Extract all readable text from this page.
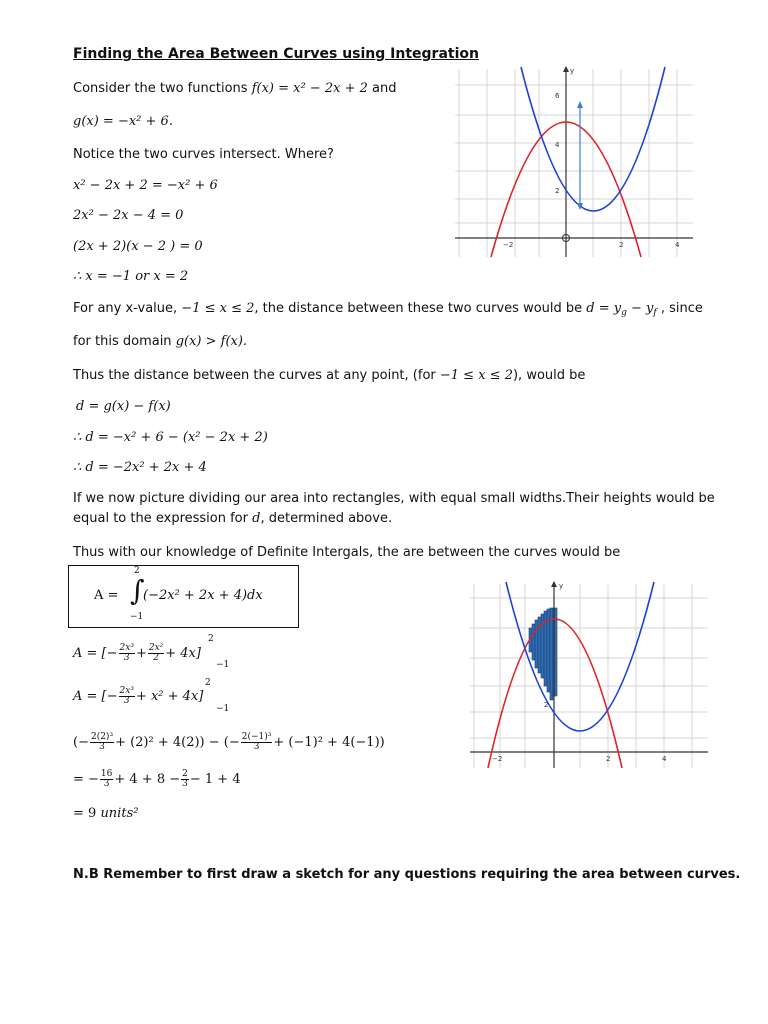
Finding the Area Between Curves using Integration
Consider the two functions f(x) = x² − 2x + 2 and
g(x) = −x² + 6.
Notice the two curves intersect. Where?
x² − 2x + 2 = −x² + 6
2x² − 2x − 4 = 0
(2x + 2)(x − 2 ) = 0
∴ x = −1 or x = 2
For any x-value, −1 ≤ x ≤ 2, the distance between these two curves would be $d = y_g - y_f$ , since
for this domain g(x) > f(x).
Thus the distance between the curves at any point, (for −1 ≤ x ≤ 2), would be
d = g(x) − f(x)
∴ d = −x² + 6 − (x² − 2x + 2)
∴ d = −2x² + 2x + 4
If we now picture dividing our area into rectangles, with equal small widths.Their heights would be
equal to the expression for d, determined above.
Thus with our knowledge of Definite Intergals, the are between the curves would be
A =
2
∫
−1
(−2x² + 2x + 4)dx
A = [− $\frac{\text{2x³}}{3} + \frac{\text{2x²}}{2} + 4x$]
2
−1
A = [− $\frac{\text{2x³}}{3} + x^2 + 4x$]
2
−1
(− $\frac{\text{2(2)³}}{3} + (2)^2 + 4(2)$) − (− $\frac{\text{2(−1)³}}{3} + (-1)^2 + 4(-1)$)
= − $\frac{16}{3} + 4 + 8 - \frac{2}{3} - 1 + 4$
= 9 units²
N.B Remember to first draw a sketch for any questions requiring the area between curves.
y
−2	2	4
2
4
6
y
−2	2	4
2
